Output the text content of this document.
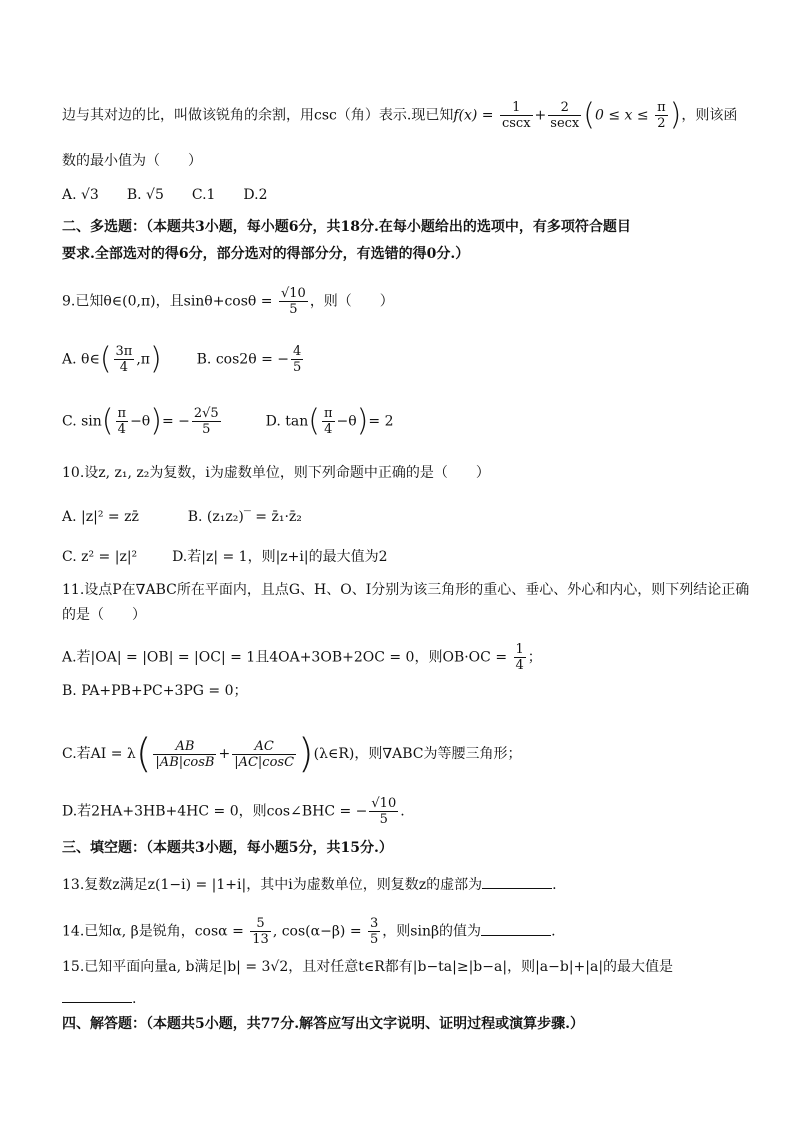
边与其对边的比，叫做该锐角的余割，用csc（角）表示.现已知$f(x) = \frac{1}{\csc x} + \frac{2}{\sec x} (0 \le x \le \frac{\pi}{2}$ )，则该函
数的最小值为（　　）
A. √3　　B. √5　　C.1　　D.2
二、多选题：（本题共3小题，每小题6分，共18分.在每小题给出的选项中，有多项符合题目
要求.全部选对的得6分，部分选对的得部分分，有选错的得0分.）
9.已知θ∈(0,π)，且$\sin\theta+\cos\theta = \frac{√10}{5}$ ，则（　　）
A. θ∈( $\frac{3\pi}{4} ,\pi$) B. cos2θ = − $\frac{4}{5}$
C. $\sin( \frac{\pi}{4} -\theta)= - \frac{2√5}{5}$	D. $\tan( \frac{\pi}{4} -\theta)= 2$
10.设z, z₁, z₂为复数，i为虚数单位，则下列命题中正确的是（　　）
A. |z|² = zz̄	B. (z₁z₂)‾ = z̄₁·z̄₂
C. z² = |z|² D.若|z| = 1，则|z+i|的最大值为2
11.设点P在∇ABC所在平面内，且点G、H、O、I分别为该三角形的重心、垂心、外心和内心，则下列结论正确
的是（　　）
A.若|OA| = |OB| = |OC| = 1且4OA+3OB+2OC = 0，则$OB\cdot OC = \frac{1}{4}$ ；
B. PA+PB+PC+3PG = 0；
C.若AI = $\lambda( \frac{AB}{|AB|\cos B} + \frac{AC}{|AC|\cos C}$ )(λ∈R)，则∇ABC为等腰三角形；
D.若2HA+3HB+4HC = 0，则cos∠BHC = − $\frac{√10}{5}$ .
三、填空题：（本题共3小题，每小题5分，共15分.）
13.复数z满足z(1−i) = |1+i|，其中i为虚数单位，则复数z的虚部为	.
14.已知α, β是锐角，$\cos\alpha = \frac{5}{13}$ , $\cos(\alpha-\beta) = \frac{3}{5}$ ，则sinβ的值为	.
15.已知平面向量a, b满足|b| = 3√2，且对任意t∈R都有|b−ta|≥|b−a|，则|a−b|+|a|的最大值是
.
四、解答题：（本题共5小题，共77分.解答应写出文字说明、证明过程或演算步骤.）
